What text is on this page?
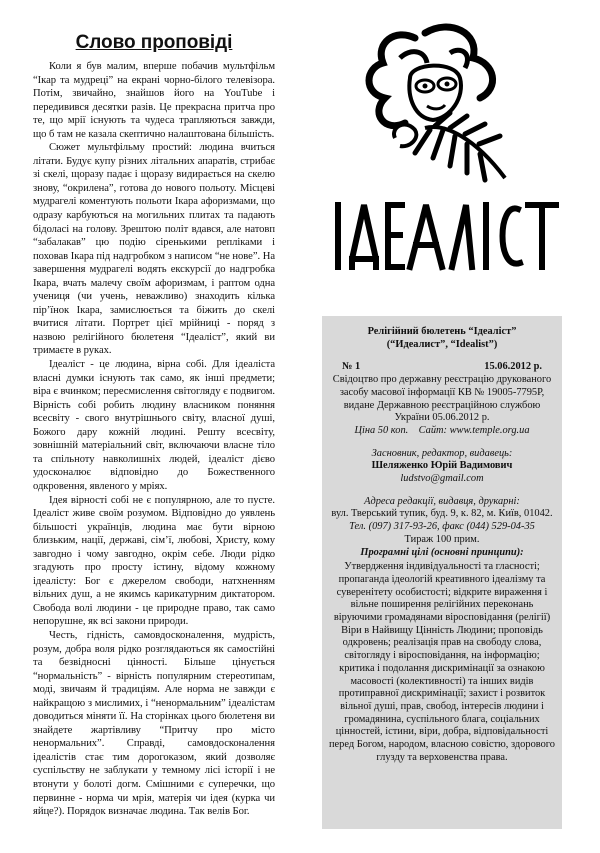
Слово проповіді

Коли я був малим, вперше побачив мультфільм “Ікар та мудреці” на екрані чорно-білого телевізора. Потім, звичайно, знайшов його на YouTube і передивився десятки разів. Це прекрасна притча про те, що мрії існують та чудеса трапляються завжди, що б там не казала скептично налаштована більшість.

Сюжет мультфільму простий: людина вчиться літати. Будує купу різних літальних апаратів, стрибає зі скелі, щоразу падає і щоразу видирається на скелю знову, “окрилена”, готова до нового польоту. Місцеві мудрагелі коментують польоти Ікара афоризмами, що одразу карбуються на могильних плитах та падають бідоласі на голову. Зрештою політ вдався, але натовп “забалакав” цю подію сіренькими репліками і поховав Ікара під надгробком з написом “не нове”. На завершення мудрагелі водять екскурсії до надгробка Ікара, вчать малечу своїм афоризмам, і раптом одна учениця (чи учень, неважливо) знаходить кілька пір’їнок Ікара, замислюється та біжить до скелі вчитися літати. Портрет цієї мрійниці - поряд з назвою релігійного бюлетеня “Ідеаліст”, який ви тримаєте в руках.

Ідеаліст - це людина, вірна собі. Для ідеаліста власні думки існують так само, як інші предмети; віра є вчинком; пересмислення світогляду є подвигом. Вірність собі робить людину власником поняння всесвіту - свого внутрішнього світу, власної душі, Божого дару кожній людині. Решту всесвіту, зовнішній матеріальний світ, включаючи власне тіло та спільноту навколишніх людей, ідеаліст дієво удосконалює відповідно до Божественного одкровення, явленого у мріях.

Ідея вірності собі не є популярною, але то пусте. Ідеаліст живе своїм розумом. Відповідно до уявлень більшості українців, людина має бути вірною близьким, нації, державі, сім’ї, любові, Христу, кому завгодно і чому завгодно, окрім себе. Люди рідко згадують про просту істину, відому кожному ідеалісту: Бог є джерелом свободи, натхненням вільних душ, а не якимсь карикатурним диктатором. Свобода волі людини - це природне право, так само непорушне, як всі закони природи.

Честь, гідність, самовдосконалення, мудрість, розум, добра воля рідко розглядаються як самостійні та безвідносні цінності. Більше цінується “нормальність” - вірність популярним стереотипам, моді, звичаям й традиціям. Але норма не завжди є найкращою з мислимих, і “ненормальним” ідеалістам доводиться міняти її. На сторінках цього бюлетеня ви знайдете жартівливу “Притчу про місто ненормальних”. Справді, самовдосконалення ідеалістів стає тим дорогоказом, який дозволяє суспільству не заблукати у темному лісі історії і не втонути у болоті догм. Смішними є суперечки, що первинне - норма чи мрія, матерія чи ідея (курка чи яйце?). Порядок визначає людина. Так велів Бог.

Релігійний бюлетень “Ідеаліст”
(“Идеалист”, “Idealist”)
№ 1	15.06.2012 р.
Свідоцтво про державну реєстрацію друкованого засобу масової інформації КВ № 19005-7795Р, видане Державною реєстраційною службою України 05.06.2012 р.
Ціна 50 коп. Сайт: www.temple.org.ua
Засновник, редактор, видавець:
Шеляженко Юрій Вадимович
ludstvo@gmail.com
Адреса редакції, видавця, друкарні:
вул. Тверський тупик, буд. 9, к. 82, м. Київ, 01042.
Тел. (097) 317-93-26, факс (044) 529-04-35
Тираж 100 прим.
Програмні цілі (основні принципи):
Утвердження індивідуальності та гласності; пропаганда ідеологій креативного ідеалізму та суверенітету особистості; відкрите вираження і вільне поширення релігійних переконань віруючими громадянами віросповідання (релігії) Віри в Найвищу Цінність Людини; проповідь одкровень; реалізація прав на свободу слова, світогляду і віросповідання, на інформацію; критика і подолання дискримінації за ознакою масовості (колективності) та інших видів протиправної дискримінації; захист і розвиток вільної душі, прав, свобод, інтересів людини і громадянина, суспільного блага, соціальних цінностей, істини, віри, добра, відповідальності перед Богом, народом, власною совістю, здорового глузду та верховенства права.
